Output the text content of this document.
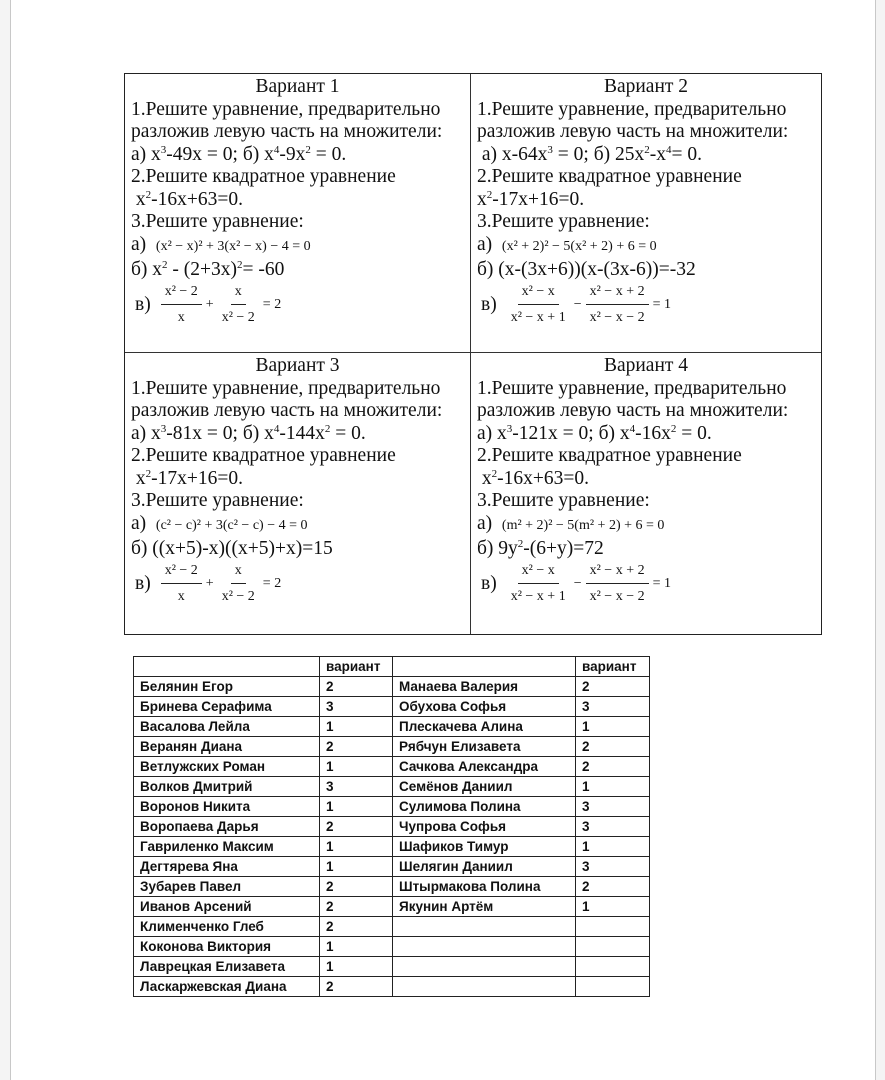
Вариант 1
1.Решите уравнение, предварительно
разложив левую часть на множители:
а) $x^3-49x = 0$; б) $x^4-9x^2 = 0$.
2.Решите квадратное уравнение
$x^2-16x+63=0$.
3.Решите уравнение:
а) (x² − x)² + 3(x² − x) − 4 = 0
б) $x^2 - (2+3x)^2= -60$
$в) \frac{\text{x² − 2}}{x} + \frac{x}{\text{x² − 2}} = 2$
Вариант 2
1.Решите уравнение, предварительно
разложив левую часть на множители:
а) $x-64x^3 = 0$; б) $25x^2-x^4= 0$.
2.Решите квадратное уравнение
$x^2-17x+16=0$.
3.Решите уравнение:
а) (x² + 2)² − 5(x² + 2) + 6 = 0
б) (x-(3x+6))(x-(3x-6))=-32
$в) \frac{\text{x² − x}}{\text{x² − x + 1}} - \frac{\text{x² − x + 2}}{\text{x² − x − 2}} = 1$
Вариант 3
1.Решите уравнение, предварительно
разложив левую часть на множители:
а) $x^3-81x = 0$; б) $x^4-144x^2 = 0$.
2.Решите квадратное уравнение
$x^2-17x+16=0$.
3.Решите уравнение:
а) (c² − c)² + 3(c² − c) − 4 = 0
б) ((x+5)-x)((x+5)+x)=15
$в) \frac{\text{x² − 2}}{x} + \frac{x}{\text{x² − 2}} = 2$
Вариант 4
1.Решите уравнение, предварительно
разложив левую часть на множители:
а) $x^3-121x = 0$; б) $x^4-16x^2 = 0$.
2.Решите квадратное уравнение
$x^2-16x+63=0$.
3.Решите уравнение:
а) (m² + 2)² − 5(m² + 2) + 6 = 0
б) $9y^2-(6+y)=72$
$в) \frac{\text{x² − x}}{\text{x² − x + 1}} - \frac{\text{x² − x + 2}}{\text{x² − x − 2}} = 1$
	вариант		вариант
Белянин Егор	2	Манаева Валерия	2
Бринева Серафима	3	Обухова Софья	3
Васалова Лейла	1	Плескачева Алина	1
Веранян Диана	2	Рябчун Елизавета	2
Ветлужских Роман	1	Сачкова Александра	2
Волков Дмитрий	3	Семёнов Даниил	1
Воронов Никита	1	Сулимова Полина	3
Воропаева Дарья	2	Чупрова Софья	3
Гавриленко Максим	1	Шафиков Тимур	1
Дегтярева Яна	1	Шелягин Даниил	3
Зубарев Павел	2	Штырмакова Полина	2
Иванов Арсений	2	Якунин Артём	1
Клименченко Глеб	2		
Коконова Виктория	1		
Лаврецкая Елизавета	1		
Ласкаржевская Диана	2		
